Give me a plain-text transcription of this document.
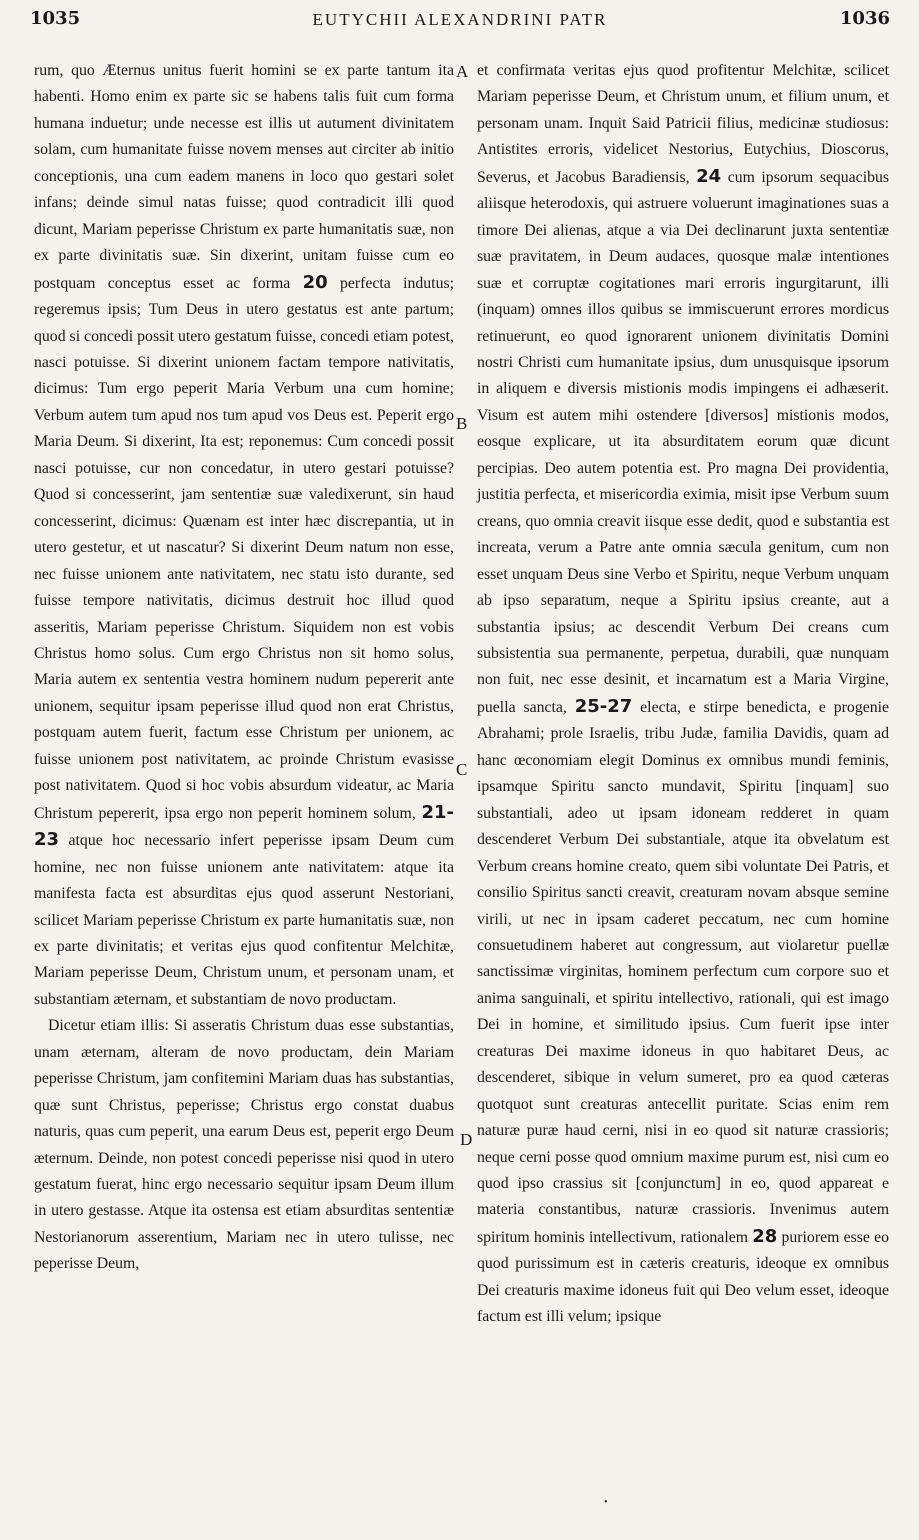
1035	EUTYCHII ALEXANDRINI PATR	1036

rum, quo Æternus unitus fuerit homini se ex parte tantum ita habenti. Homo enim ex parte sic se habens talis fuit cum forma humana induetur; unde necesse est illis ut autument divinitatem solam, cum humanitate fuisse novem menses aut circiter ab initio conceptionis, una cum eadem manens in loco quo gestari solet infans; deinde simul natas fuisse; quod contradicit illi quod dicunt, Mariam peperisse Christum ex parte humanitatis suæ, non ex parte divinitatis suæ. Sin dixerint, unitam fuisse cum eo postquam conceptus esset ac forma 20 perfecta indutus; regeremus ipsis; Tum Deus in utero gestatus est ante partum; quod si concedi possit utero gestatum fuisse, concedi etiam potest, nasci potuisse. Si dixerint unionem factam tempore nativitatis, dicimus: Tum ergo peperit Maria Verbum una cum homine; Verbum autem tum apud nos tum apud vos Deus est. Peperit ergo Maria Deum. Si dixerint, Ita est; reponemus: Cum concedi possit nasci potuisse, cur non concedatur, in utero gestari potuisse? Quod si concesserint, jam sententiæ suæ valedixerunt, sin haud concesserint, dicimus: Quænam est inter hæc discrepantia, ut in utero gestetur, et ut nascatur? Si dixerint Deum natum non esse, nec fuisse unionem ante nativitatem, nec statu isto durante, sed fuisse tempore nativitatis, dicimus destruit hoc illud quod asseritis, Mariam peperisse Christum. Siquidem non est vobis Christus homo solus. Cum ergo Christus non sit homo solus, Maria autem ex sententia vestra hominem nudum pepererit ante unionem, sequitur ipsam peperisse illud quod non erat Christus, postquam autem fuerit, factum esse Christum per unionem, ac fuisse unionem post nativitatem, ac proinde Christum evasisse post nativitatem. Quod si hoc vobis absurdum videatur, ac Maria Christum pepererit, ipsa ergo non peperit hominem solum, 21-23 atque hoc necessario infert peperisse ipsam Deum cum homine, nec non fuisse unionem ante nativitatem: atque ita manifesta facta est absurditas ejus quod asserunt Nestoriani, scilicet Mariam peperisse Christum ex parte humanitatis suæ, non ex parte divinitatis; et veritas ejus quod confitentur Melchitæ, Mariam peperisse Deum, Christum unum, et personam unam, et substantiam æternam, et substantiam de novo productam.

Dicetur etiam illis: Si asseratis Christum duas esse substantias, unam æternam, alteram de novo productam, dein Mariam peperisse Christum, jam confitemini Mariam duas has substantias, quæ sunt Christus, peperisse; Christus ergo constat duabus naturis, quas cum peperit, una earum Deus est, peperit ergo Deum æternum. Deinde, non potest concedi peperisse nisi quod in utero gestatum fuerat, hinc ergo necessario sequitur ipsam Deum illum in utero gestasse. Atque ita ostensa est etiam absurditas sententiæ Nestorianorum asserentium, Mariam nec in utero tulisse, nec peperisse Deum,

A
B
C
D

et confirmata veritas ejus quod profitentur Melchitæ, scilicet Mariam peperisse Deum, et Christum unum, et filium unum, et personam unam. Inquit Said Patricii filius, medicinæ studiosus: Antistites erroris, videlicet Nestorius, Eutychius, Dioscorus, Severus, et Jacobus Baradiensis, 24 cum ipsorum sequacibus aliisque heterodoxis, qui astruere voluerunt imaginationes suas a timore Dei alienas, atque a via Dei declinarunt juxta sententiæ suæ pravitatem, in Deum audaces, quosque malæ intentiones suæ et corruptæ cogitationes mari erroris ingurgitarunt, illi (inquam) omnes illos quibus se immiscuerunt errores mordicus retinuerunt, eo quod ignorarent unionem divinitatis Domini nostri Christi cum humanitate ipsius, dum unusquisque ipsorum in aliquem e diversis mistionis modis impingens ei adhæserit. Visum est autem mihi ostendere [diversos] mistionis modos, eosque explicare, ut ita absurditatem eorum quæ dicunt percipias. Deo autem potentia est. Pro magna Dei providentia, justitia perfecta, et misericordia eximia, misit ipse Verbum suum creans, quo omnia creavit iisque esse dedit, quod e substantia est increata, verum a Patre ante omnia sæcula genitum, cum non esset unquam Deus sine Verbo et Spiritu, neque Verbum unquam ab ipso separatum, neque a Spiritu ipsius creante, aut a substantia ipsius; ac descendit Verbum Dei creans cum subsistentia sua permanente, perpetua, durabili, quæ nunquam non fuit, nec esse desinit, et incarnatum est a Maria Virgine, puella sancta, 25-27 electa, e stirpe benedicta, e progenie Abrahami; prole Israelis, tribu Judæ, familia Davidis, quam ad hanc œconomiam elegit Dominus ex omnibus mundi feminis, ipsamque Spiritu sancto mundavit, Spiritu [inquam] suo substantiali, adeo ut ipsam idoneam redderet in quam descenderet Verbum Dei substantiale, atque ita obvelatum est Verbum creans homine creato, quem sibi voluntate Dei Patris, et consilio Spiritus sancti creavit, creaturam novam absque semine virili, ut nec in ipsam caderet peccatum, nec cum homine consuetudinem haberet aut congressum, aut violaretur puellæ sanctissimæ virginitas, hominem perfectum cum corpore suo et anima sanguinali, et spiritu intellectivo, rationali, qui est imago Dei in homine, et similitudo ipsius. Cum fuerit ipse inter creaturas Dei maxime idoneus in quo habitaret Deus, ac descenderet, sibique in velum sumeret, pro ea quod cæteras quotquot sunt creaturas antecellit puritate. Scias enim rem naturæ puræ haud cerni, nisi in eo quod sit naturæ crassioris; neque cerni posse quod omnium maxime purum est, nisi cum eo quod ipso crassius sit [conjunctum] in eo, quod appareat e materia constantibus, naturæ crassioris. Invenimus autem spiritum hominis intellectivum, rationalem 28 puriorem esse eo quod purissimum est in cæteris creaturis, ideoque ex omnibus Dei creaturis maxime idoneus fuit qui Deo velum esset, ideoque factum est illi velum; ipsique

•
